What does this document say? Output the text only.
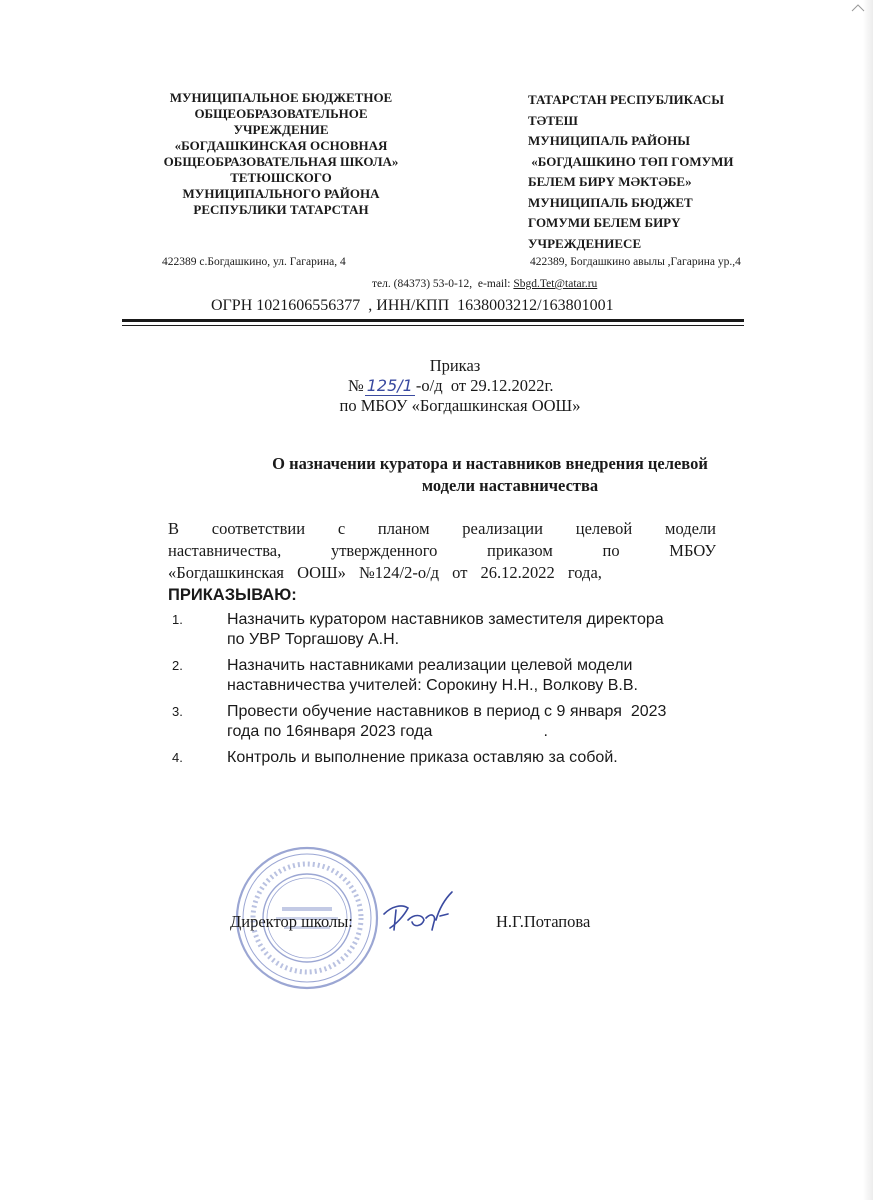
МУНИЦИПАЛЬНОЕ БЮДЖЕТНОЕ
ОБЩЕОБРАЗОВАТЕЛЬНОЕ
УЧРЕЖДЕНИЕ
«БОГДАШКИНСКАЯ ОСНОВНАЯ
ОБЩЕОБРАЗОВАТЕЛЬНАЯ ШКОЛА»
ТЕТЮШСКОГО
МУНИЦИПАЛЬНОГО РАЙОНА
РЕСПУБЛИКИ ТАТАРСТАН
ТАТАРСТАН РЕСПУБЛИКАСЫ
ТӘТЕШ
МУНИЦИПАЛЬ РАЙОНЫ
«БОГДАШКИНО ТӨП ГОМУМИ
БЕЛЕМ БИРҮ МӘКТӘБЕ»
МУНИЦИПАЛЬ БЮДЖЕТ
ГОМУМИ БЕЛЕМ БИРҮ
УЧРЕЖДЕНИЕСЕ
422389 с.Богдашкино, ул. Гагарина, 4	422389, Богдашкино авылы ,Гагарина ур.,4
тел. (84373) 53-0-12,  e-mail: Sbgd.Tet@tatar.ru
ОГРН 1021606556377  , ИНН/КПП  1638003212/163801001
Приказ
№ 125/1 -о/д  от 29.12.2022г.
по МБОУ «Богдашкинская ООШ»
О назначении куратора и наставников внедрения целевой
модели наставничества
В соответствии с планом реализации целевой модели
наставничества, утвержденного приказом по МБОУ
«Богдашкинская ООШ» №124/2-о/д от 26.12.2022 года,
ПРИКАЗЫВАЮ:
1.	Назначить куратором наставников заместителя директора
по УВР Торгашову А.Н.
2.	Назначить наставниками реализации целевой модели
наставничества учителей: Сорокину Н.Н., Волкову В.В.
3.	Провести обучение наставников в период с 9 января  2023
года по 16января 2023 года                         .
4.	Контроль и выполнение приказа оставляю за собой.
Директор школы:	Н.Г.Потапова
